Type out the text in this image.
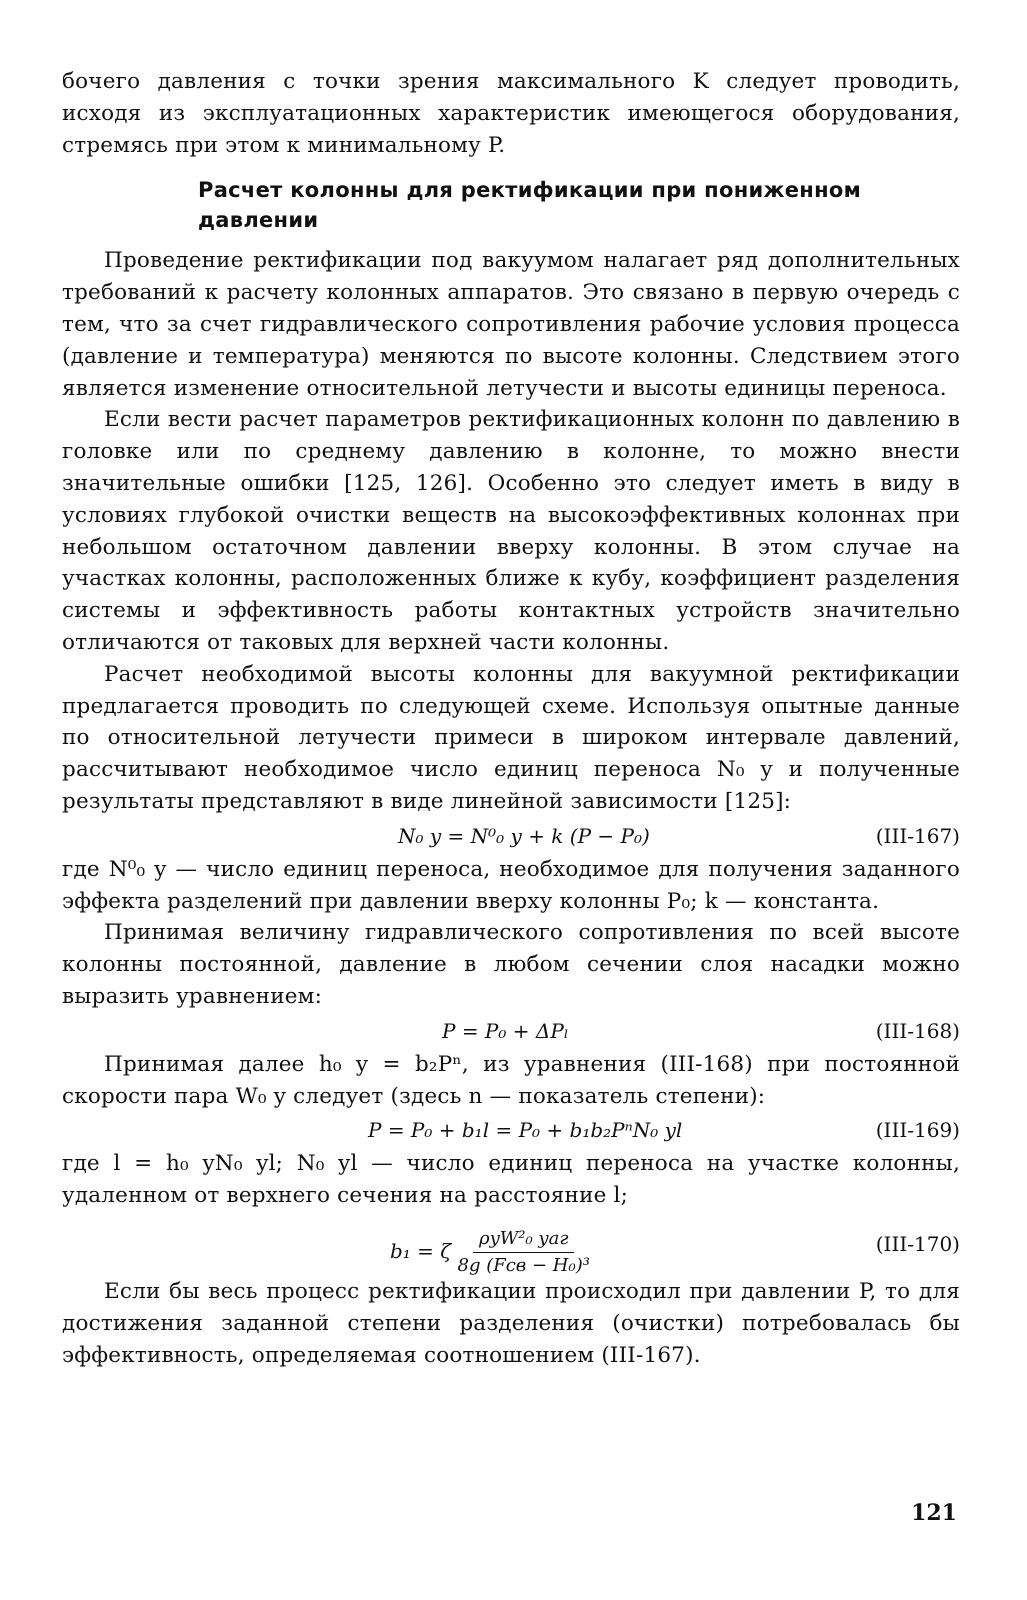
бочего давления с точки зрения максимального K следует проводить, исходя из эксплуатационных характеристик имеющегося оборудования, стремясь при этом к минимальному P.

Расчет колонны для ректификации при пониженном давлении

Проведение ректификации под вакуумом налагает ряд дополнительных требований к расчету колонных аппаратов. Это связано в первую очередь с тем, что за счет гидравлического сопротивления рабочие условия процесса (давление и температура) меняются по высоте колонны. Следствием этого является изменение относительной летучести и высоты единицы переноса.

Если вести расчет параметров ректификационных колонн по давлению в головке или по среднему давлению в колонне, то можно внести значительные ошибки [125, 126]. Особенно это следует иметь в виду в условиях глубокой очистки веществ на высокоэффективных колоннах при небольшом остаточном давлении вверху колонны. В этом случае на участках колонны, расположенных ближе к кубу, коэффициент разделения системы и эффективность работы контактных устройств значительно отличаются от таковых для верхней части колонны.

Расчет необходимой высоты колонны для вакуумной ректификации предлагается проводить по следующей схеме. Используя опытные данные по относительной летучести примеси в широком интервале давлений, рассчитывают необходимое число единиц переноса N₀ y и полученные результаты представляют в виде линейной зависимости [125]:

N₀ y = N⁰₀ y + k (P − P₀)	(III-167)

где N⁰₀ y — число единиц переноса, необходимое для получения заданного эффекта разделений при давлении вверху колонны P₀; k — константа.

Принимая величину гидравлического сопротивления по всей высоте колонны постоянной, давление в любом сечении слоя насадки можно выразить уравнением:

P = P₀ + ΔPₗ	(III-168)

Принимая далее h₀ y = b₂Pⁿ, из уравнения (III-168) при постоянной скорости пара W₀ y следует (здесь n — показатель степени):

P = P₀ + b₁l = P₀ + b₁b₂PⁿN₀ yl	(III-169)

где l = h₀ yN₀ yl; N₀ yl — число единиц переноса на участке колонны, удаленном от верхнего сечения на расстояние l;

b₁ = ζ $\frac{\text{ρyW²₀ yaг}}{\text{8g (Fсв − H₀)³}}$	(III-170)

Если бы весь процесс ректификации происходил при давлении P, то для достижения заданной степени разделения (очистки) потребовалась бы эффективность, определяемая соотношением (III-167).

121
